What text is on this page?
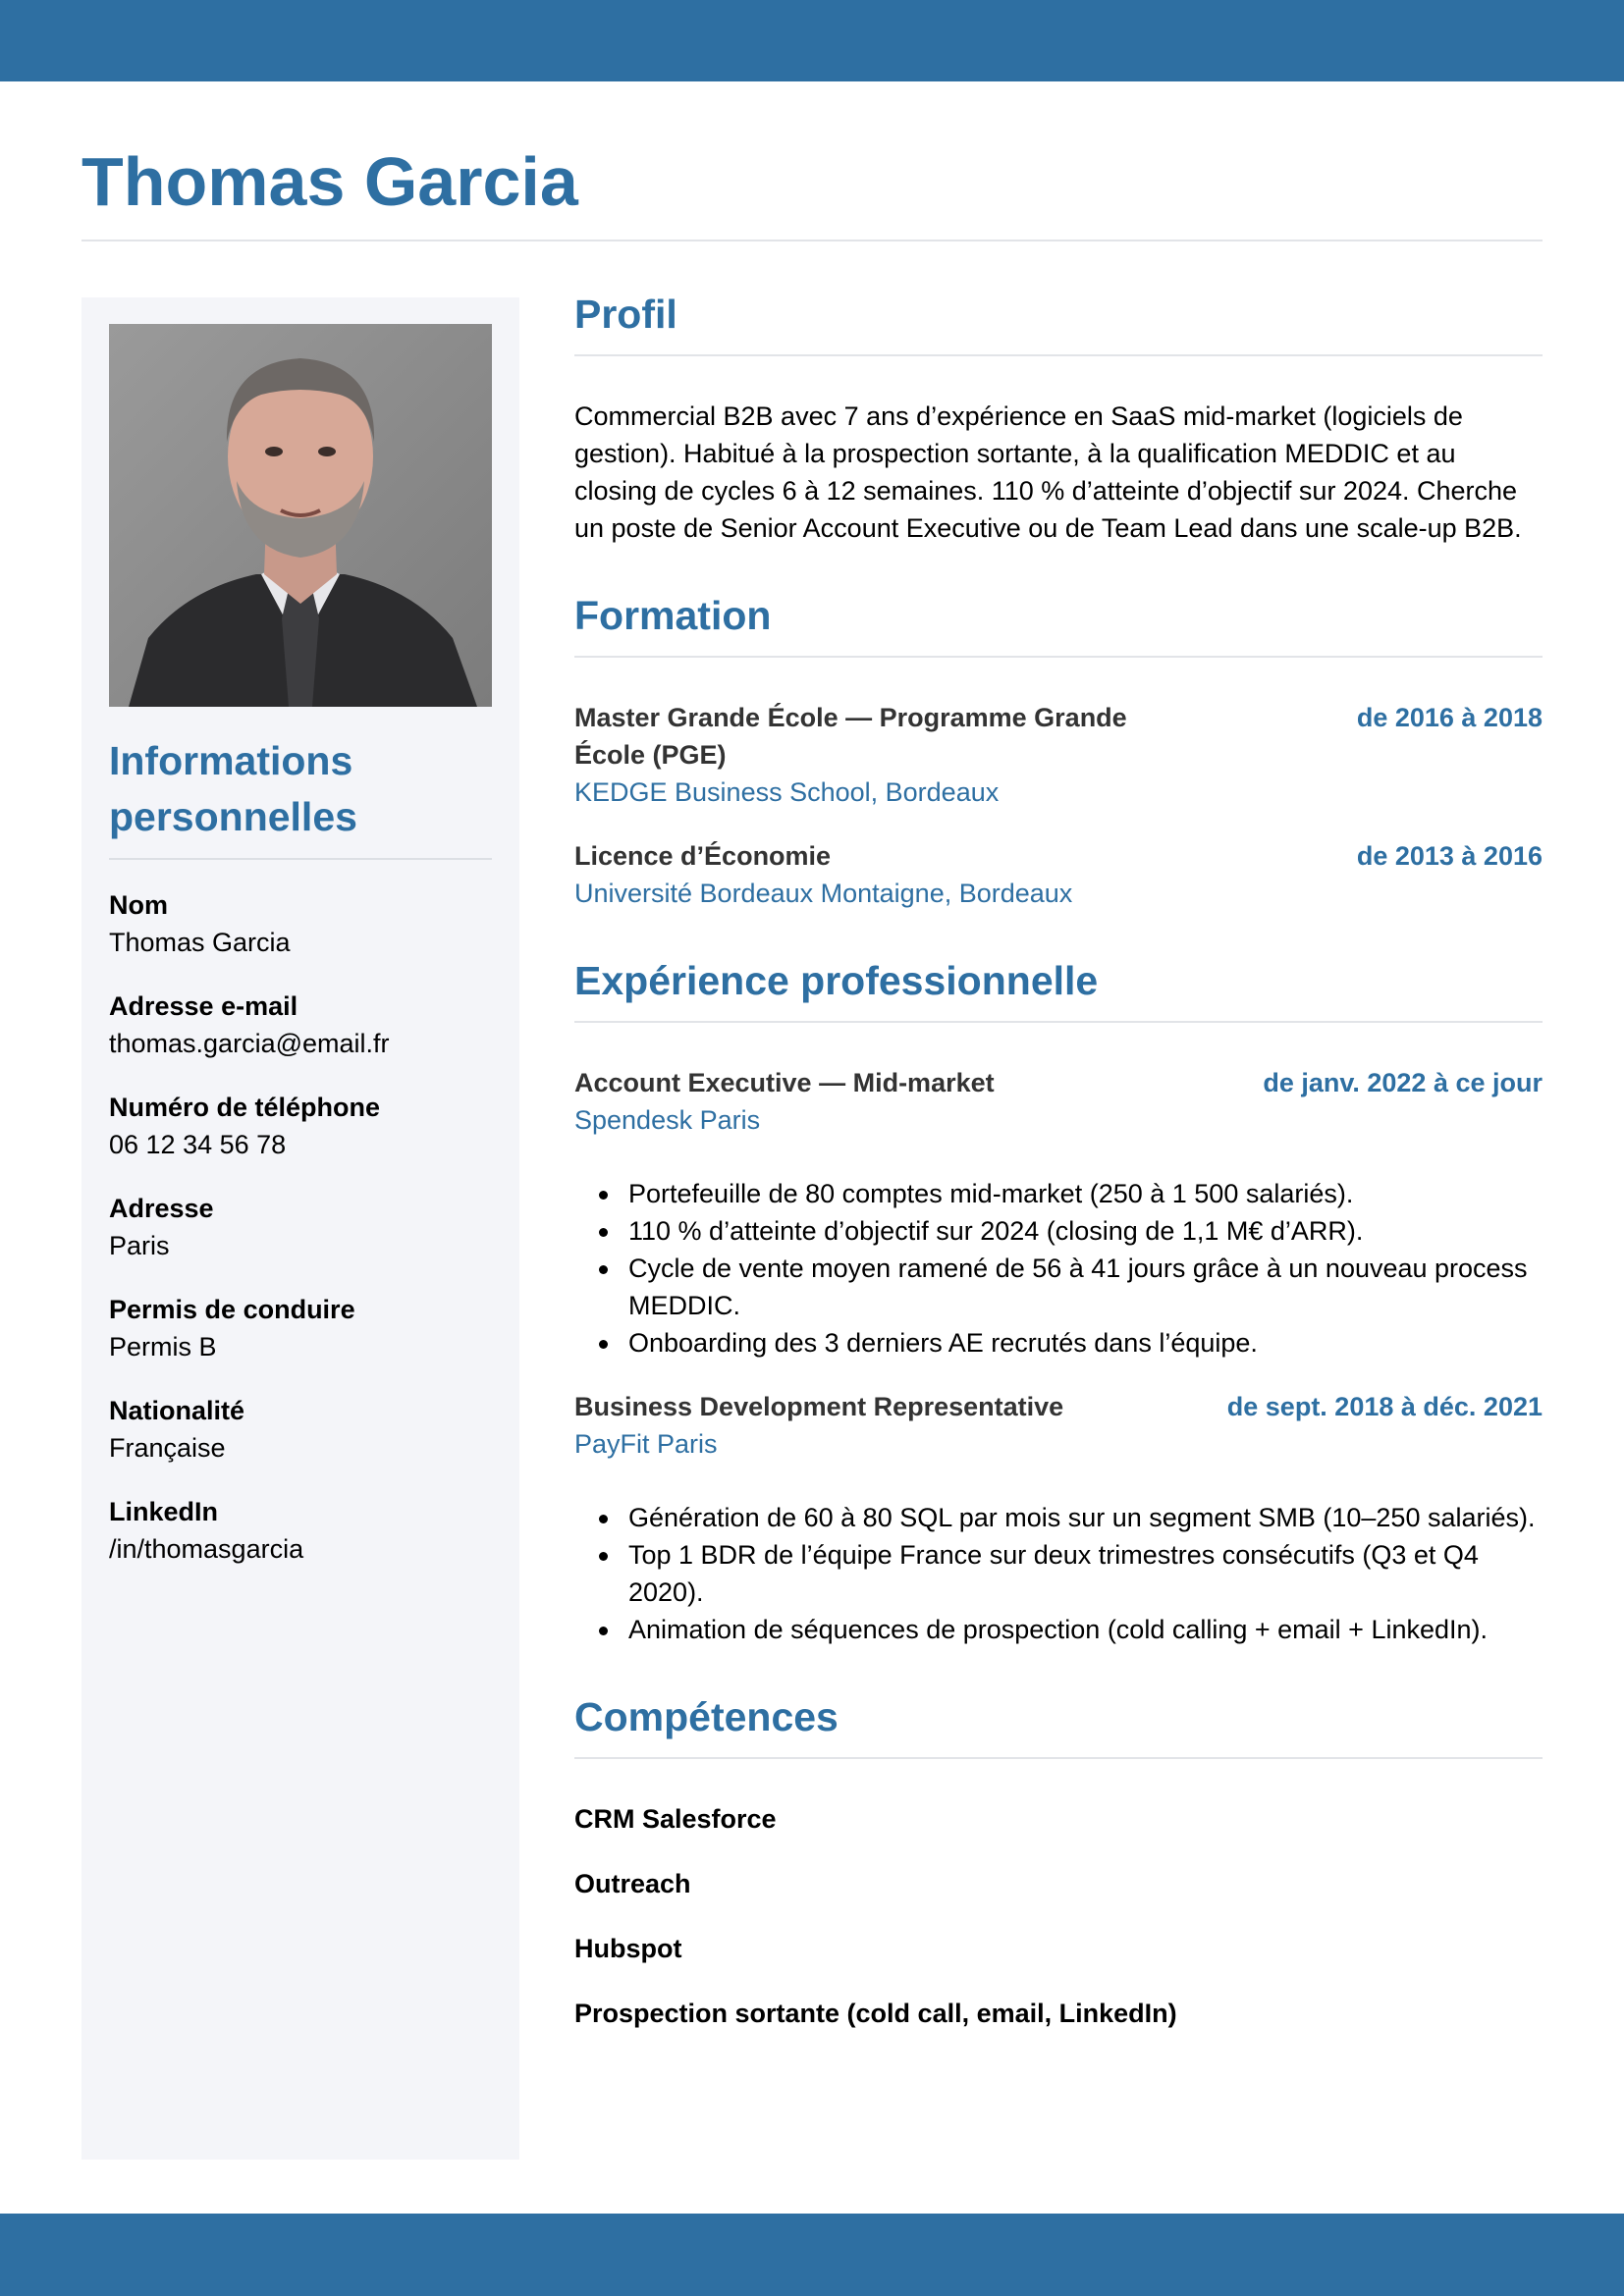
Thomas Garcia
Informations personnelles
Nom
Thomas Garcia
Adresse e-mail
thomas.garcia@email.fr
Numéro de téléphone
06 12 34 56 78
Adresse
Paris
Permis de conduire
Permis B
Nationalité
Française
LinkedIn
/in/thomasgarcia
Profil
Commercial B2B avec 7 ans d’expérience en SaaS mid-market (logiciels de gestion). Habitué à la prospection sortante, à la qualification MEDDIC et au closing de cycles 6 à 12 semaines. 110 % d’atteinte d’objectif sur 2024. Cherche un poste de Senior Account Executive ou de Team Lead dans une scale-up B2B.
Formation
Master Grande École — Programme Grande École (PGE)
de 2016 à 2018
KEDGE Business School, Bordeaux
Licence d’Économie	de 2013 à 2016
Université Bordeaux Montaigne, Bordeaux
Expérience professionnelle
Account Executive — Mid-market	de janv. 2022 à ce jour
Spendesk Paris
Portefeuille de 80 comptes mid-market (250 à 1 500 salariés).
110 % d’atteinte d’objectif sur 2024 (closing de 1,1 M€ d’ARR).
Cycle de vente moyen ramené de 56 à 41 jours grâce à un nouveau process MEDDIC.
Onboarding des 3 derniers AE recrutés dans l’équipe.
Business Development Representative	de sept. 2018 à déc. 2021
PayFit Paris
Génération de 60 à 80 SQL par mois sur un segment SMB (10–250 salariés).
Top 1 BDR de l’équipe France sur deux trimestres consécutifs (Q3 et Q4 2020).
Animation de séquences de prospection (cold calling + email + LinkedIn).
Compétences
CRM Salesforce
Outreach
Hubspot
Prospection sortante (cold call, email, LinkedIn)
